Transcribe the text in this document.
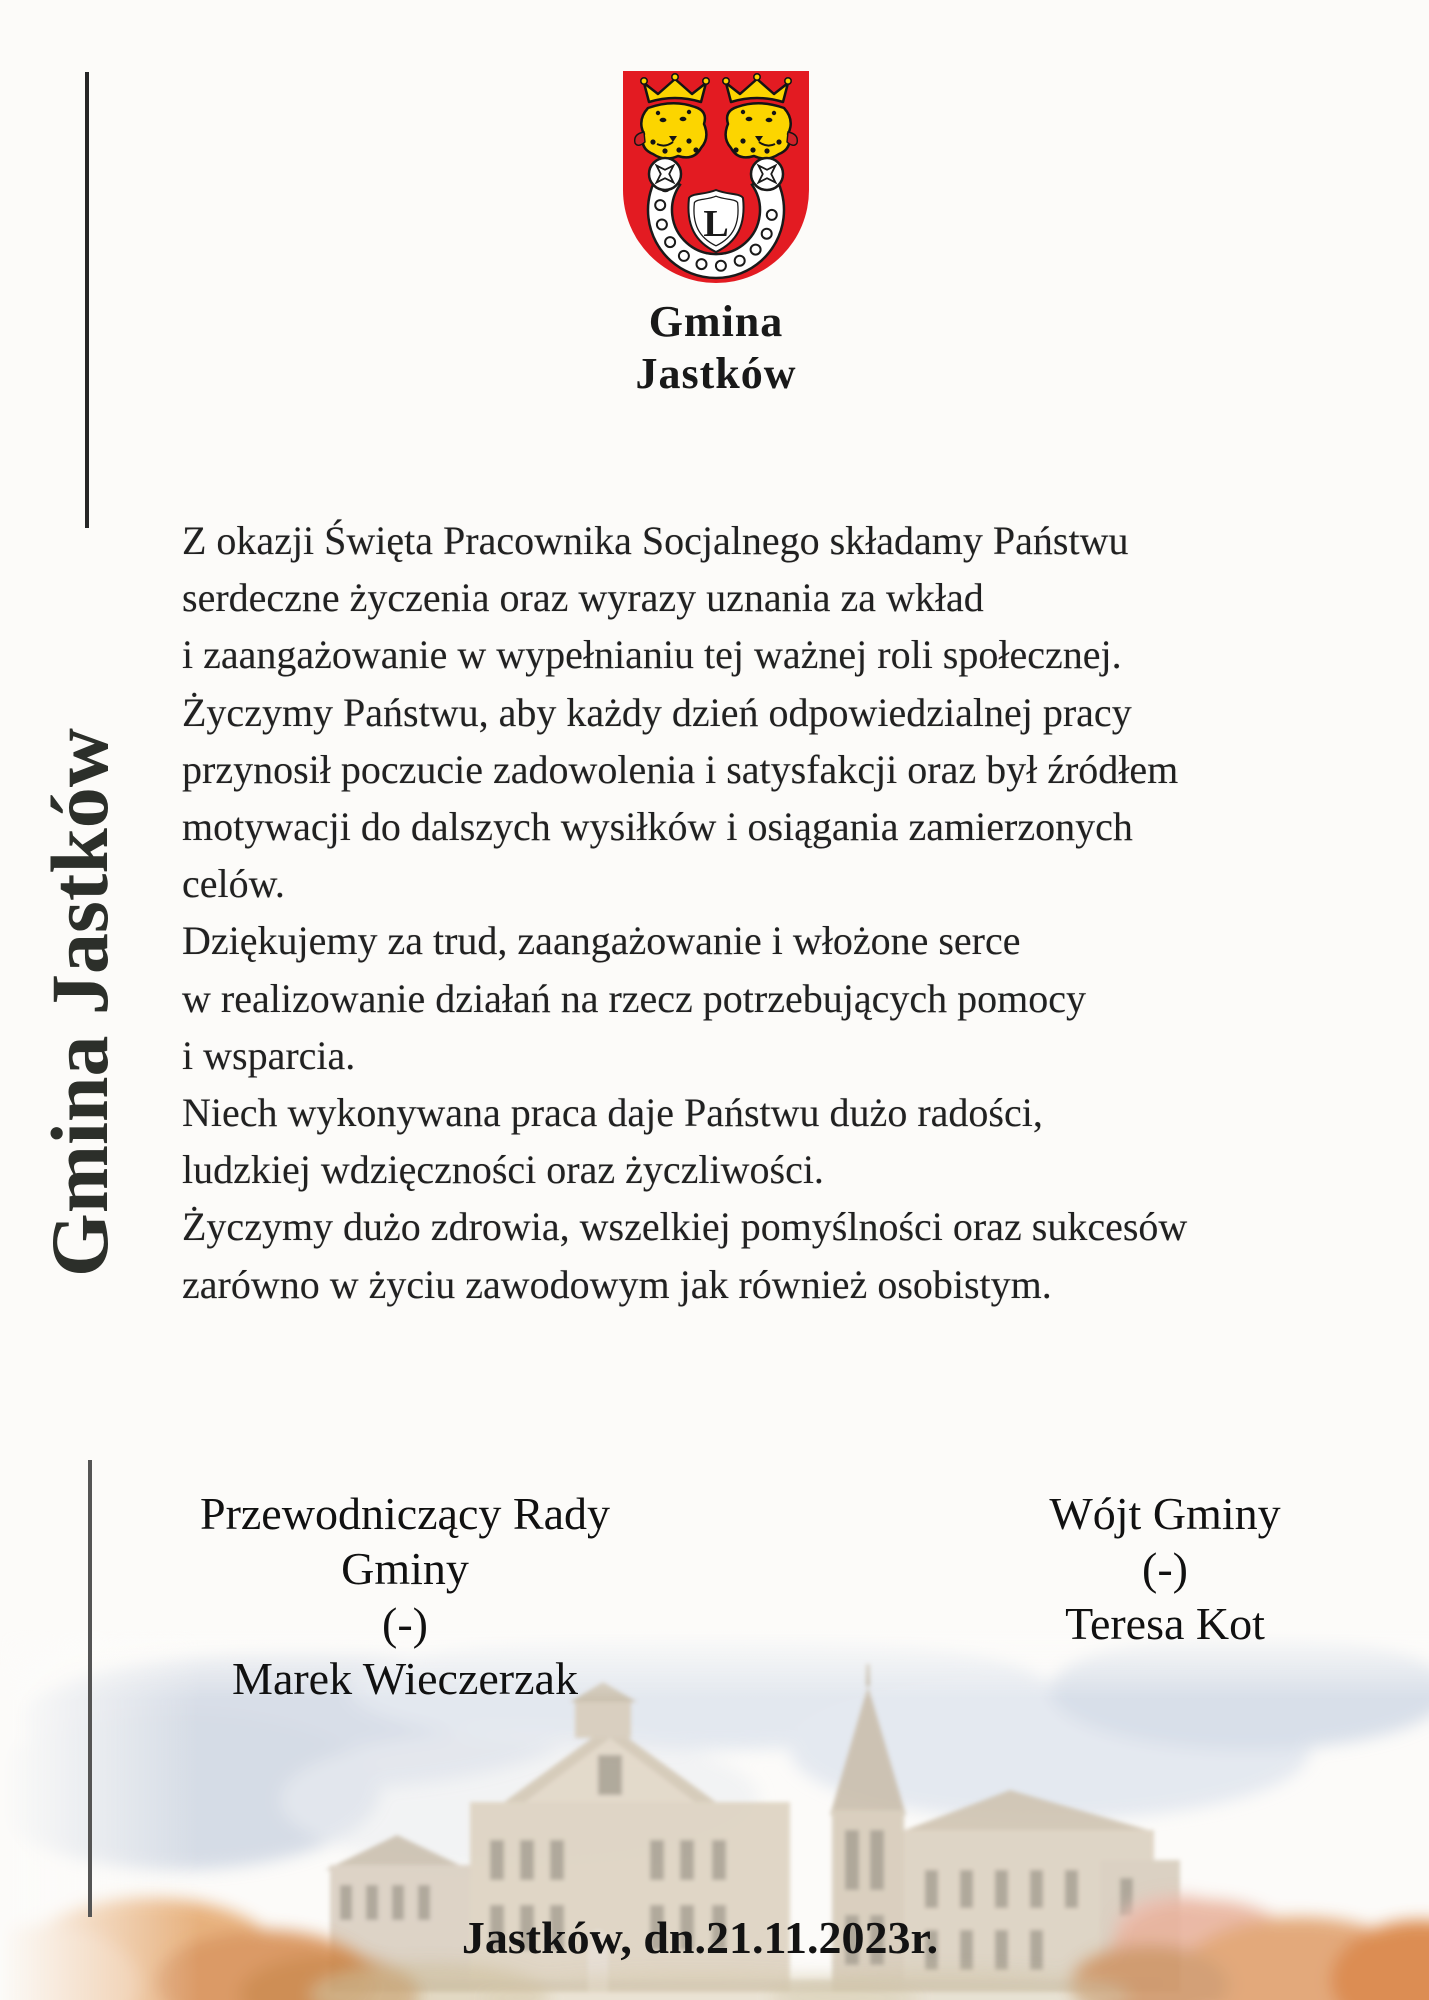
L
Gmina
Jastków
Gmina Jastków
Z okazji Święta Pracownika Socjalnego składamy Państwu
serdeczne życzenia oraz wyrazy uznania za wkład
i zaangażowanie w wypełnianiu tej ważnej roli społecznej.
Życzymy Państwu, aby każdy dzień odpowiedzialnej pracy
przynosił poczucie zadowolenia i satysfakcji oraz był źródłem
motywacji do dalszych wysiłków i osiągania zamierzonych
celów.
Dziękujemy za trud, zaangażowanie i włożone serce
w realizowanie działań na rzecz potrzebujących pomocy
i wsparcia.
Niech wykonywana praca daje Państwu dużo radości,
ludzkiej wdzięczności oraz życzliwości.
Życzymy dużo zdrowia, wszelkiej pomyślności oraz sukcesów
zarówno w życiu zawodowym jak również osobistym.
Przewodniczący Rady Gminy
(-)
Marek Wieczerzak
Wójt Gminy
(-)
Teresa Kot
Jastków, dn.21.11.2023r.
